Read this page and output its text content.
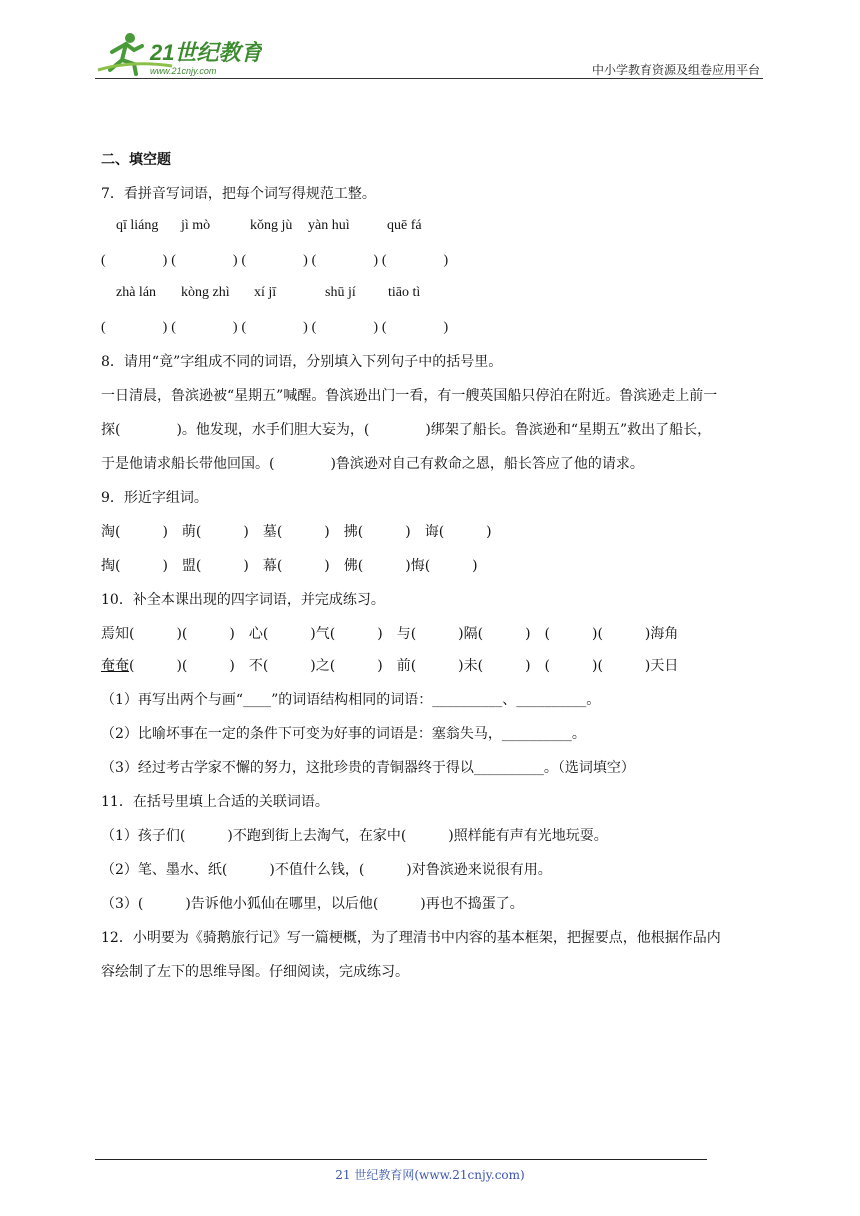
21世纪教育
www.21cnjy.com	中小学教育资源及组卷应用平台
二、填空题
7．看拼音写词语，把每个词写得规范工整。
qī liáng jì mò	kǒng jù yàn huì	quē fá
(　　　　) (　　　　) (　　　　) (　　　　) (　　　　)
zhà lán kòng zhì xí jī	shū jí tiāo tì
(　　　　) (　　　　) (　　　　) (　　　　) (　　　　)
8．请用“竟”字组成不同的词语，分别填入下列句子中的括号里。
一日清晨，鲁滨逊被“星期五”喊醒。鲁滨逊出门一看，有一艘英国船只停泊在附近。鲁滨逊走上前一
探(　　　　)。他发现，水手们胆大妄为，(　　　　)绑架了船长。鲁滨逊和“星期五”救出了船长，
于是他请求船长带他回国。(　　　　)鲁滨逊对自己有救命之恩，船长答应了他的请求。
9．形近字组词。
淘(　　　)　萌(　　　)　墓(　　　)　拂(　　　)　诲(　　　)
掏(　　　)　盟(　　　)　幕(　　　)　佛(　　　)悔(　　　)
10．补全本课出现的四字词语，并完成练习。
焉知(　　　)(　　　)　心(　　　)气(　　　)　与(　　　)隔(　　　)　(　　　)(　　　)海角
奄奄(　　　)(　　　)　不(　　　)之(　　　)　前(　　　)未(　　　)　(　　　)(　　　)天日
（1）再写出两个与画“____”的词语结构相同的词语：__________、__________。
（2）比喻坏事在一定的条件下可变为好事的词语是：塞翁失马，__________。
（3）经过考古学家不懈的努力，这批珍贵的青铜器终于得以__________。（选词填空）
11．在括号里填上合适的关联词语。
（1）孩子们(　　　)不跑到街上去淘气，在家中(　　　)照样能有声有光地玩耍。
（2）笔、墨水、纸(　　　)不值什么钱，(　　　)对鲁滨逊来说很有用。
（3）(　　　)告诉他小狐仙在哪里，以后他(　　　)再也不捣蛋了。
12．小明要为《骑鹅旅行记》写一篇梗概，为了理清书中内容的基本框架，把握要点，他根据作品内
容绘制了左下的思维导图。仔细阅读，完成练习。
21 世纪教育网(www.21cnjy.com)
